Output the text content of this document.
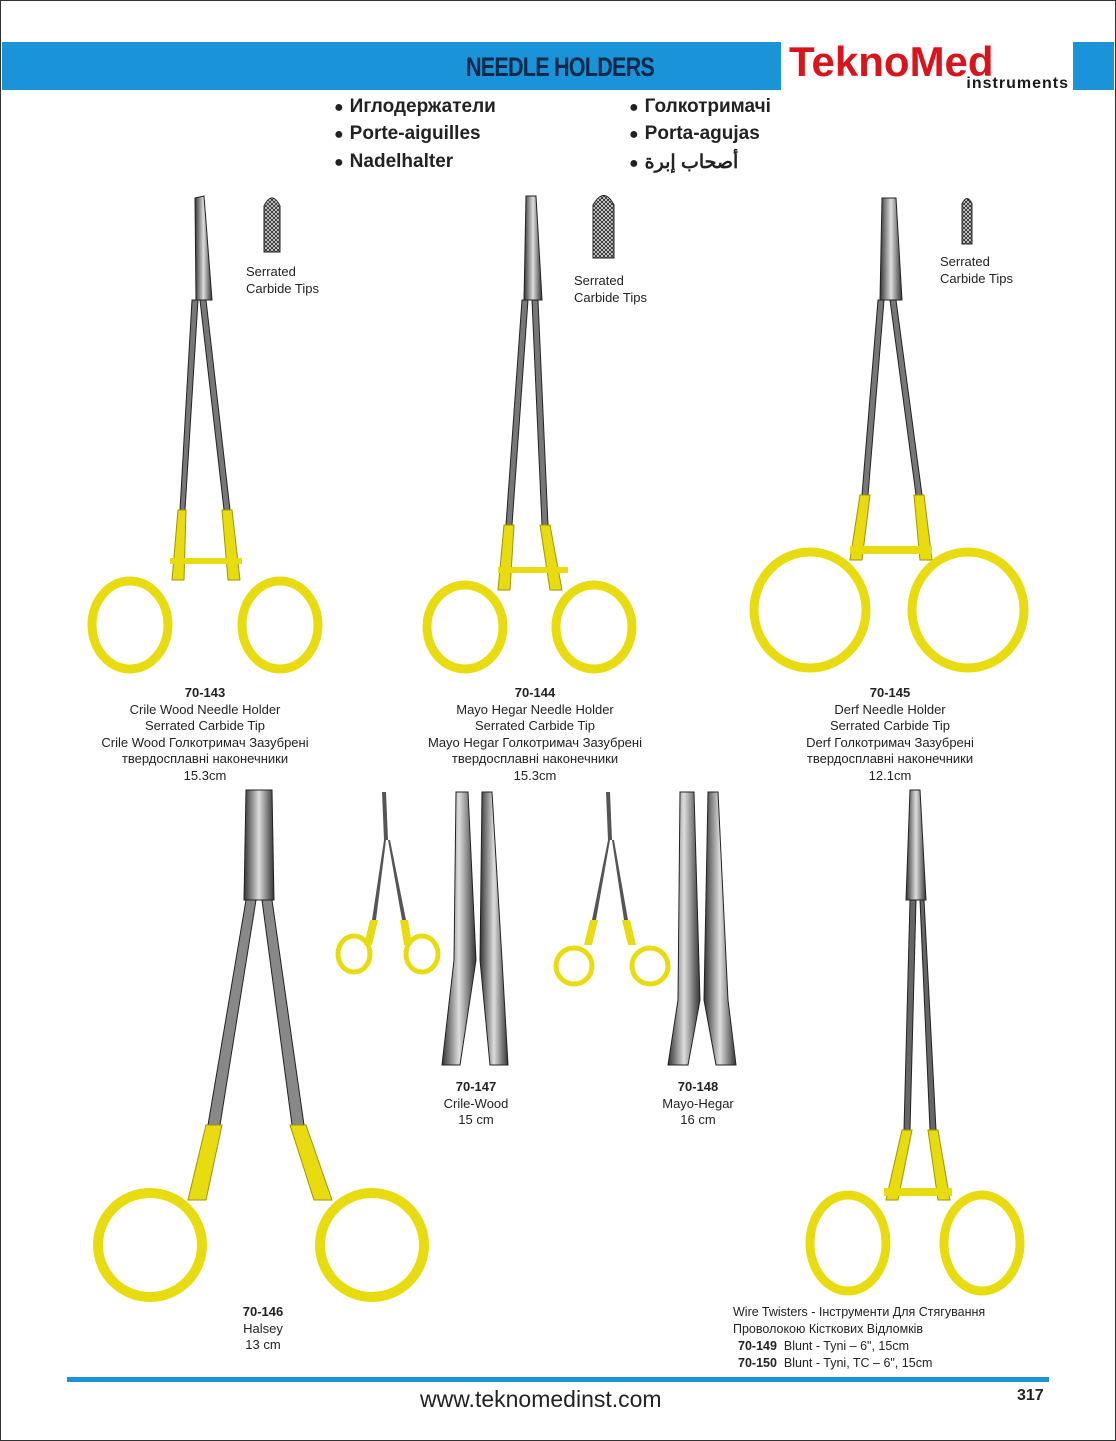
NEEDLE HOLDERS	TeknoMed
instruments
● Иглодержатели
● Porte-aiguilles
● Nadelhalter
● Голкотримачі
● Porta-agujas
● أصحاب إبرة
Serrated
Carbide Tips
Serrated
Carbide Tips
Serrated
Carbide Tips
70-143
Crile Wood Needle Holder
Serrated Carbide Tip
Crile Wood Голкотримач Зазубрені
твердосплавні наконечники
15.3cm
70-144
Mayo Hegar Needle Holder
Serrated Carbide Tip
Mayo Hegar Голкотримач Зазубрені
твердосплавні наконечники
15.3cm
70-145
Derf Needle Holder
Serrated Carbide Tip
Derf Голкотримач Зазубрені
твердосплавні наконечники
12.1cm
70-146
Halsey
13 cm
70-147
Crile-Wood
15 cm
70-148
Mayo-Hegar
16 cm
Wire Twisters - Інструменти Для Стягування
Проволокою Кісткових Відломків
70-149 Blunt - Tyni – 6", 15cm
70-150 Blunt - Tyni, TC – 6", 15cm
www.teknomedinst.com	317
